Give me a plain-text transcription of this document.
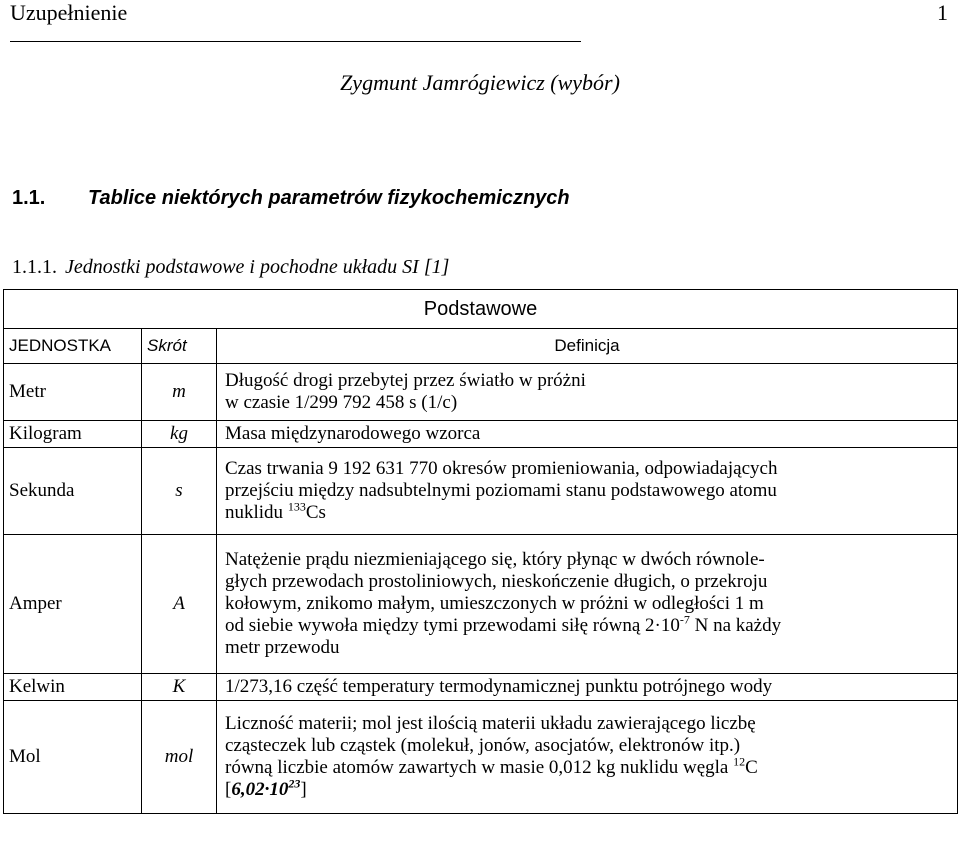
Uzupełnienie	1
Zygmunt Jamrógiewicz (wybór)
1.1. Tablice niektórych parametrów fizykochemicznych
1.1.1. Jednostki podstawowe i pochodne układu SI [1]
Podstawowe		
JEDNOSTKA	Skrót	Definicja
Metr	m	Długość drogi przebytej przez światło w próżni
w czasie 1/299 792 458 s (1/c)

Kilogram	kg	Masa międzynarodowego wzorca

Sekunda	s	Czas trwania 9 192 631 770 okresów promieniowania, odpowiadających
przejściu między nadsubtelnymi poziomami stanu podstawowego atomu
nuklidu $^{133}$Cs

Amper	A	Natężenie prądu niezmieniającego się, który płynąc w dwóch równole-
głych przewodach prostoliniowych, nieskończenie długich, o przekroju
kołowym, znikomo małym, umieszczonych w próżni w odległości 1 m
od siebie wywoła między tymi przewodami siłę równą $2\cdot 10^{-7}$ N na każdy
metr przewodu

Kelwin	K	1/273,16 część temperatury termodynamicznej punktu potrójnego wody

Mol	mol	Liczność materii; mol jest ilością materii układu zawierającego liczbę
cząsteczek lub cząstek (molekuł, jonów, asocjatów, elektronów itp.)
równą liczbie atomów zawartych w masie 0,012 kg nuklidu węgla $^{12}$C
$[6,02\cdot 10^{23}]$
